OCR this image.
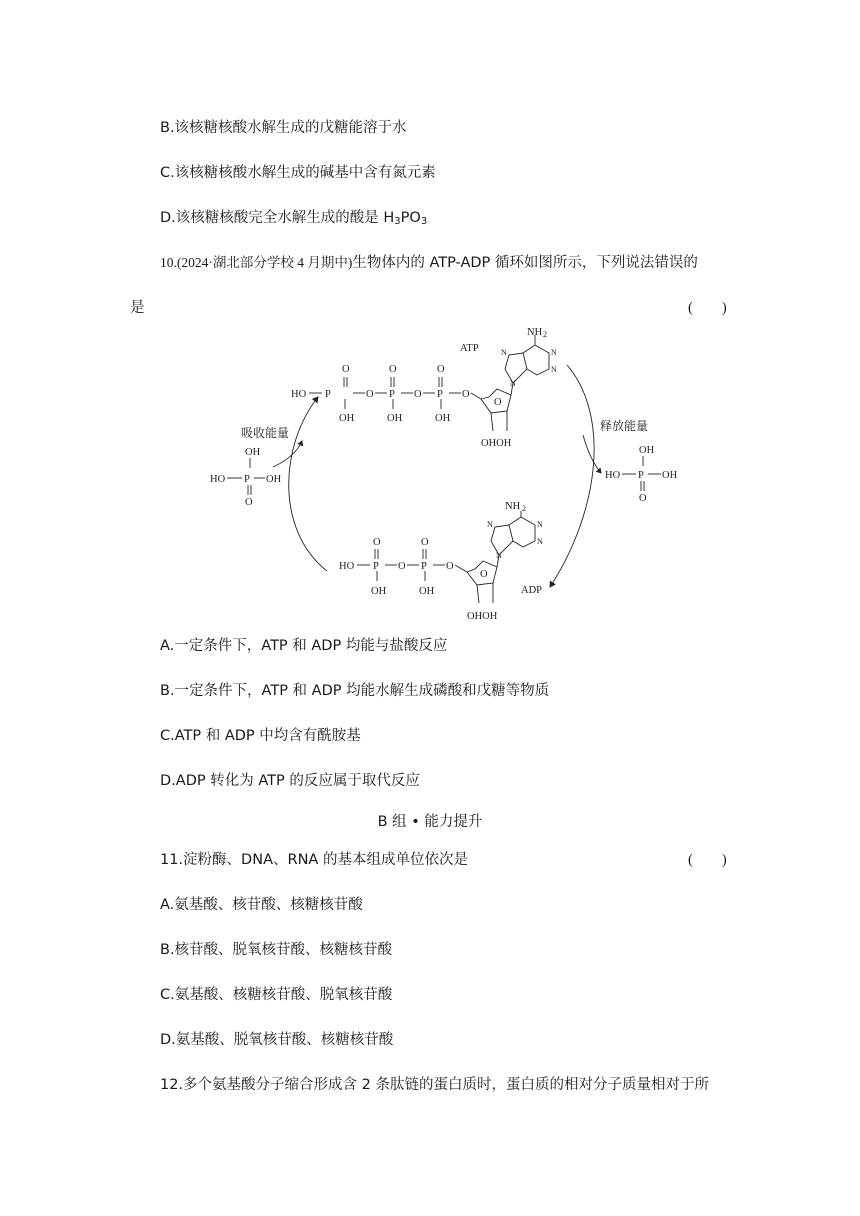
B.该核糖核酸水解生成的戊糖能溶于水
C.该核糖核酸水解生成的碱基中含有氮元素
D.该核糖核酸完全水解生成的酸是 $H_3PO_3$
10.(2024·湖北部分学校 4 月期中)生物体内的 ATP-ADP 循环如图所示，下列说法错误的
是	(　　)
HO P
O
OH
O P
O
OH
O P
O
OH
O
O
OHOH
N
N	N
N
NH 2
ATP
吸收能量
OH
HO P OH
O
释放能量
OH
HO P OH
O
HO P
O
OH
O P
O
OH
O
O
OHOH
N
N	N
N
NH 2
ADP
A.一定条件下，ATP 和 ADP 均能与盐酸反应
B.一定条件下，ATP 和 ADP 均能水解生成磷酸和戊糖等物质
C.ATP 和 ADP 中均含有酰胺基
D.ADP 转化为 ATP 的反应属于取代反应
B 组 • 能力提升
11.淀粉酶、DNA、RNA 的基本组成单位依次是	(　　)
A.氨基酸、核苷酸、核糖核苷酸
B.核苷酸、脱氧核苷酸、核糖核苷酸
C.氨基酸、核糖核苷酸、脱氧核苷酸
D.氨基酸、脱氧核苷酸、核糖核苷酸
12.多个氨基酸分子缩合形成含 2 条肽链的蛋白质时，蛋白质的相对分子质量相对于所
